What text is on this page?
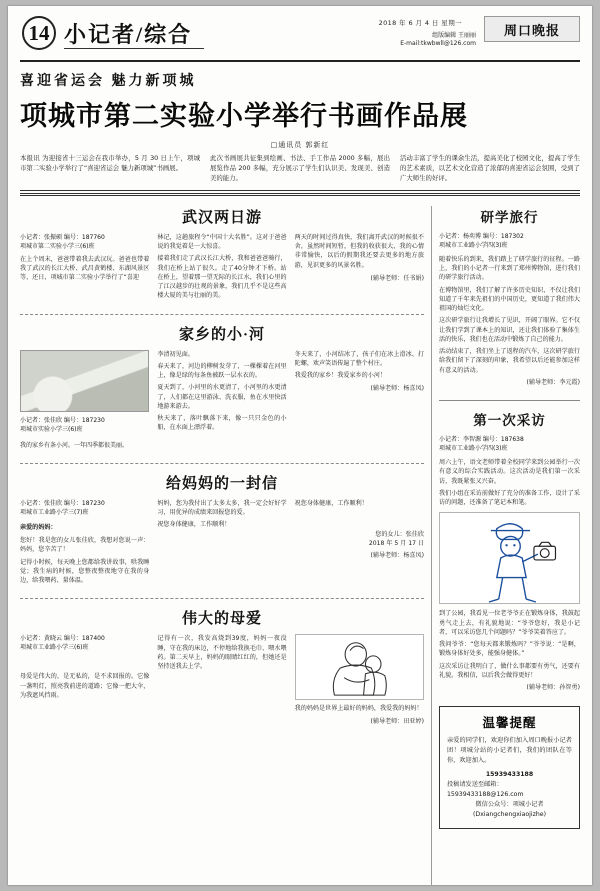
14 小记者/综合	2018 年 6 月 4 日 星期一
组版编辑 王丽丽
E-mail:tkwbwll@126.com
周口晚报
喜迎省运会 魅力新项城
项城市第二实验小学举行书画作品展
□通讯员 郭新红
本报讯 为迎接省十三运会在我市举办，5 月 30 日上午，项城市第二实验小学举行了“喜迎省运会 魅力新项城”书画展。
此次书画展共征集到绘画、书法、手工作品 2000 多幅，展出展览作品 200 多幅，充分展示了学生们认识美、发现美、创造美的能力。
活动丰富了学生的课余生活，提高美化了校园文化，提高了学生的艺术素质，以艺术文化营造了浓郁的喜迎省运会氛围，受到了广大师生的好评。
武汉两日游
小记者：张振硕 编号：187760
项城市第二实验小学三(6)班
在上个周末，爸爸带着我去武汉玩。爸爸也带着我了武汉的长江大桥、武昌黄鹤楼、东湖风景区等，还日，项城市第二实验小学举行了“喜迎
林记，这趟旅程令“中国十大名胜”。这对于爸爸说的我觉着是一大惊喜。
接着我们走了武汉长江大桥，我和爸爸爸骑行，我们在桥上站了很久。走了40分钟才下桥。站在桥上，望着那一望无际的长江水，我们心里的了江汉越步的壮观的景象，我们几乎不是这些高楼大厦的美与壮丽的美。
两天的时间过得真快，我们离开武汉的时候很不舍，虽然时间短暂，但我的收获很大，我的心情非常愉快，以后的假期我还要去更多的地方旅游，见识更多的风景名胜。
(辅导老师：任书娟)
家乡的小·河
小记者：张佳欣 编号：187230
项城市实验小学三(6)班
我的家乡有条小河。一年四季都很美丽。
李清初见面。
春天来了，河边的柳树发芽了，一棵棵着在河里上，像是绿的每条鱼被跃一层水衣的。
夏天到了，小河里的水更清了，小河里的水更清了，人们都在这里游泳、洗衣服，鱼在水里快活地游来游去。
秋天来了，落叶飘落下来，像一只只金色的小船，在水面上漂浮着。
冬天来了，小河结冰了，孩子们在冰上滑冰、打陀螺，欢声笑语传遍了整个村庄。
我爱我的家乡！我爱家乡的小河！
(辅导老师：杨喜凤)
给妈妈的一封信
小记者：张佳欣 编号：187230
项城市工业路小学三(7)班
亲爱的妈妈：
您好！我是您的女儿张佳欣，我想对您说一声：妈妈，您辛苦了！
记得小时候，每天晚上您都给我讲故事，哄我睡觉；我生病的时候，您整夜整夜地守在我的身边，给我喂药、量体温。
妈妈，您为我付出了太多太多，我一定会好好学习，用优异的成绩来回报您的爱。
祝您身体健康，工作顺利！
祝您身体健康，工作顺利！
您的女儿：张佳欣
2018 年 5 月 17 日
(辅导老师：杨喜凤)
伟大的母爱
小记者：黄晓云 编号：187400
项城市工业路小学三(6)班
母爱是伟大的，是无私的，是不求回报的。它像一盏明灯，照亮我前进的道路；它像一把大伞，为我遮风挡雨。
记得有一次，我发高烧到39度，妈妈一夜没睡，守在我的床边，不停地给我换毛巾、喂水喂药。第二天早上，妈妈的眼睛红红的，但她还是坚持送我去上学。
我的妈妈是世界上最好的妈妈，我爱我的妈妈！
(辅导老师：田亚婷)
研学旅行
小记者：杨奕博 编号：187302
项城市工业路小学四(3)班
随着快乐的到来，我们踏上了研学旅行的征程。一路上，我们的小记者一行来到了郑州博物馆，进行我们的研学旅行活动。
在博物馆里，我们了解了许多历史知识，不仅让我们知道了千年来先祖们的中国历史，更知道了我们伟大祖国的灿烂文化。
这次研学旅行让我增长了见识，开阔了眼界。它不仅让我们学到了课本上的知识，还让我们体验了集体生活的快乐，我们也在活动中锻炼了自己的能力。
活动结束了，我们坐上了返程的汽车，这次研学旅行给我们留下了深刻的印象，我希望以后还能参加这样有意义的活动。
(辅导老师：李元霞)
第一次采访
小记者：李智源 编号：187638
项城市工业路小学四(3)班
周六上午，语文老师带着全校同学来到公园举行一次有意义的综合实践活动。这次活动是我们第一次采访，我既紧张又兴奋。
我们小组在采访前做好了充分的准备工作，设计了采访的问题，还准备了笔记本和笔。
到了公园，我看见一位老爷爷正在锻炼身体，我鼓起勇气走上去，有礼貌地说：“爷爷您好，我是小记者，可以采访您几个问题吗？”爷爷笑着答应了。
我问爷爷：“您每天都来锻炼吗？”爷爷说：“是啊，锻炼身体好处多，能强身健体。”
这次采访让我明白了，做什么事都要有勇气，还要有礼貌。我相信，以后我会做得更好！
(辅导老师：孙智勇)
温馨提醒
亲爱的同学们，欢迎你们加入周口晚报小记者团！项城分站的小记者们，我们的团队在等你，欢迎加入。
15939433188
投稿请发送至邮箱：15939433188@126.com
微信公众号：项城小记者
(Dxiangchengxiaojizhe)
